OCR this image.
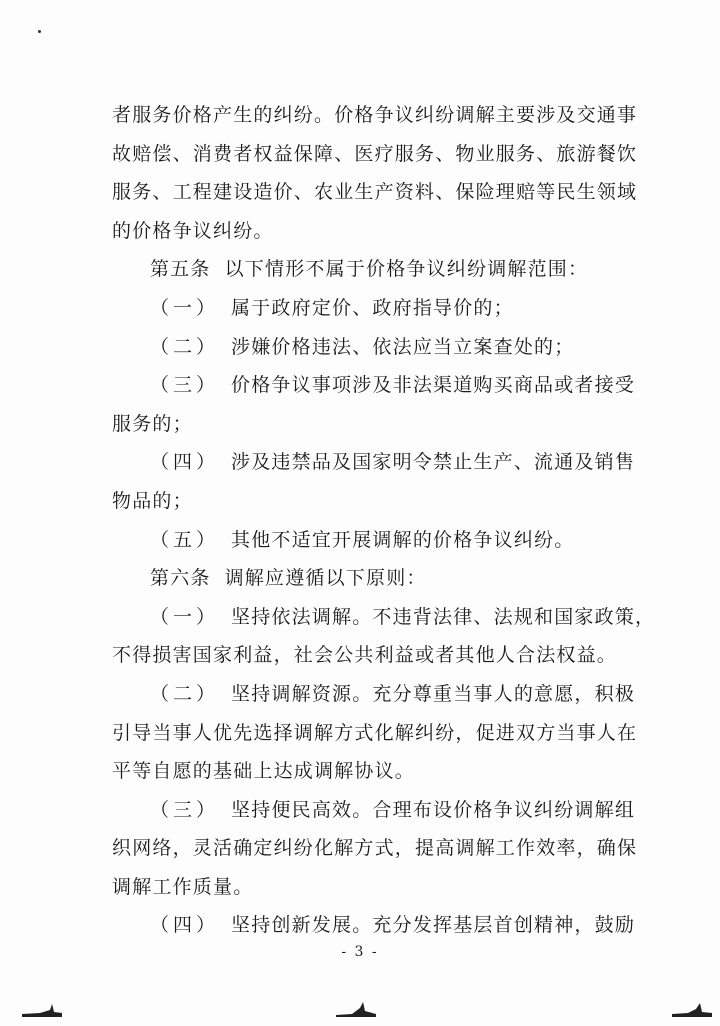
者服务价格产生的纠纷。价格争议纠纷调解主要涉及交通事
故赔偿、消费者权益保障、医疗服务、物业服务、旅游餐饮
服务、工程建设造价、农业生产资料、保险理赔等民生领域
的价格争议纠纷。
第五条 以下情形不属于价格争议纠纷调解范围：
（一） 属于政府定价、政府指导价的；
（二） 涉嫌价格违法、依法应当立案查处的；
（三） 价格争议事项涉及非法渠道购买商品或者接受
服务的；
（四） 涉及违禁品及国家明令禁止生产、流通及销售
物品的；
（五） 其他不适宜开展调解的价格争议纠纷。
第六条 调解应遵循以下原则：
（一） 坚持依法调解。不违背法律、法规和国家政策，
不得损害国家利益，社会公共利益或者其他人合法权益。
（二） 坚持调解资源。充分尊重当事人的意愿，积极
引导当事人优先选择调解方式化解纠纷，促进双方当事人在
平等自愿的基础上达成调解协议。
（三） 坚持便民高效。合理布设价格争议纠纷调解组
织网络，灵活确定纠纷化解方式，提高调解工作效率，确保
调解工作质量。
（四） 坚持创新发展。充分发挥基层首创精神，鼓励
- 3 -
